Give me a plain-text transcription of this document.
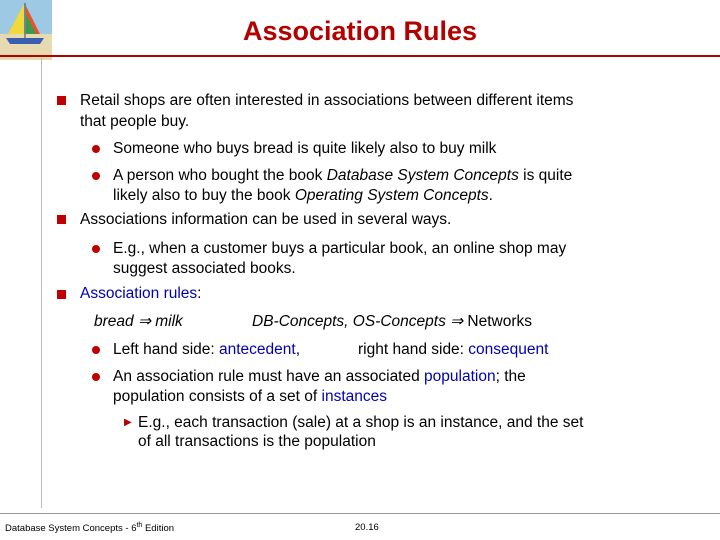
Association Rules
Retail shops are often interested in associations between different items
that people buy.
Someone who buys bread is quite likely also to buy milk
A person who bought the book Database System Concepts is quite
likely also to buy the book Operating System Concepts.
Associations information can be used in several ways.
E.g., when a customer buys a particular book, an online shop may
suggest associated books.
Association rules:
bread ⇒ milk	DB-Concepts, OS-Concepts ⇒ Networks
Left hand side: antecedent,	right hand side: consequent
An association rule must have an associated population; the
population consists of a set of instances
▶ E.g., each transaction (sale) at a shop is an instance, and the set
of all transactions is the population
Database System Concepts - 6th Edition	20.16
